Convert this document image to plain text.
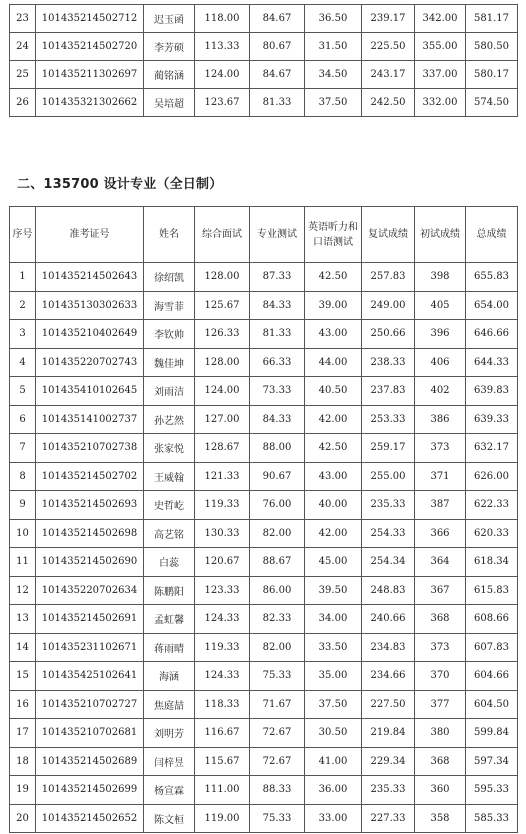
23	101435214502712	迟玉函	118.00	84.67	36.50	239.17	342.00	581.17
24	101435214502720	李芳硕	113.33	80.67	31.50	225.50	355.00	580.50
25	101435211302697	蔺铭涵	124.00	84.67	34.50	243.17	337.00	580.17
26	101435321302662	吴培超	123.67	81.33	37.50	242.50	332.00	574.50
二、135700 设计专业（全日制）
序号	准考证号	姓名	综合面试	专业测试	英语听力和口语测试	复试成绩	初试成绩	总成绩
1	101435214502643	徐绍凯	128.00	87.33	42.50	257.83	398	655.83
2	101435130302633	海雪菲	125.67	84.33	39.00	249.00	405	654.00
3	101435210402649	李钦帅	126.33	81.33	43.00	250.66	396	646.66
4	101435220702743	魏佳坤	128.00	66.33	44.00	238.33	406	644.33
5	101435410102645	刘雨洁	124.00	73.33	40.50	237.83	402	639.83
6	101435141002737	孙艺然	127.00	84.33	42.00	253.33	386	639.33
7	101435210702738	张家悦	128.67	88.00	42.50	259.17	373	632.17
8	101435214502702	王威翰	121.33	90.67	43.00	255.00	371	626.00
9	101435214502693	史哲屹	119.33	76.00	40.00	235.33	387	622.33
10	101435214502698	高艺铭	130.33	82.00	42.00	254.33	366	620.33
11	101435214502690	白蕊	120.67	88.67	45.00	254.34	364	618.34
12	101435220702634	陈鹏阳	123.33	86.00	39.50	248.83	367	615.83
13	101435214502691	孟虹馨	124.33	82.33	34.00	240.66	368	608.66
14	101435231102671	蒋雨晴	119.33	82.00	33.50	234.83	373	607.83
15	101435425102641	海涵	124.33	75.33	35.00	234.66	370	604.66
16	101435210702727	焦庭喆	118.33	71.67	37.50	227.50	377	604.50
17	101435210702681	刘明芳	116.67	72.67	30.50	219.84	380	599.84
18	101435214502689	闫梓昱	115.67	72.67	41.00	229.34	368	597.34
19	101435214502699	杨宣霖	111.00	88.33	36.00	235.33	360	595.33
20	101435214502652	陈文桓	119.00	75.33	33.00	227.33	358	585.33
